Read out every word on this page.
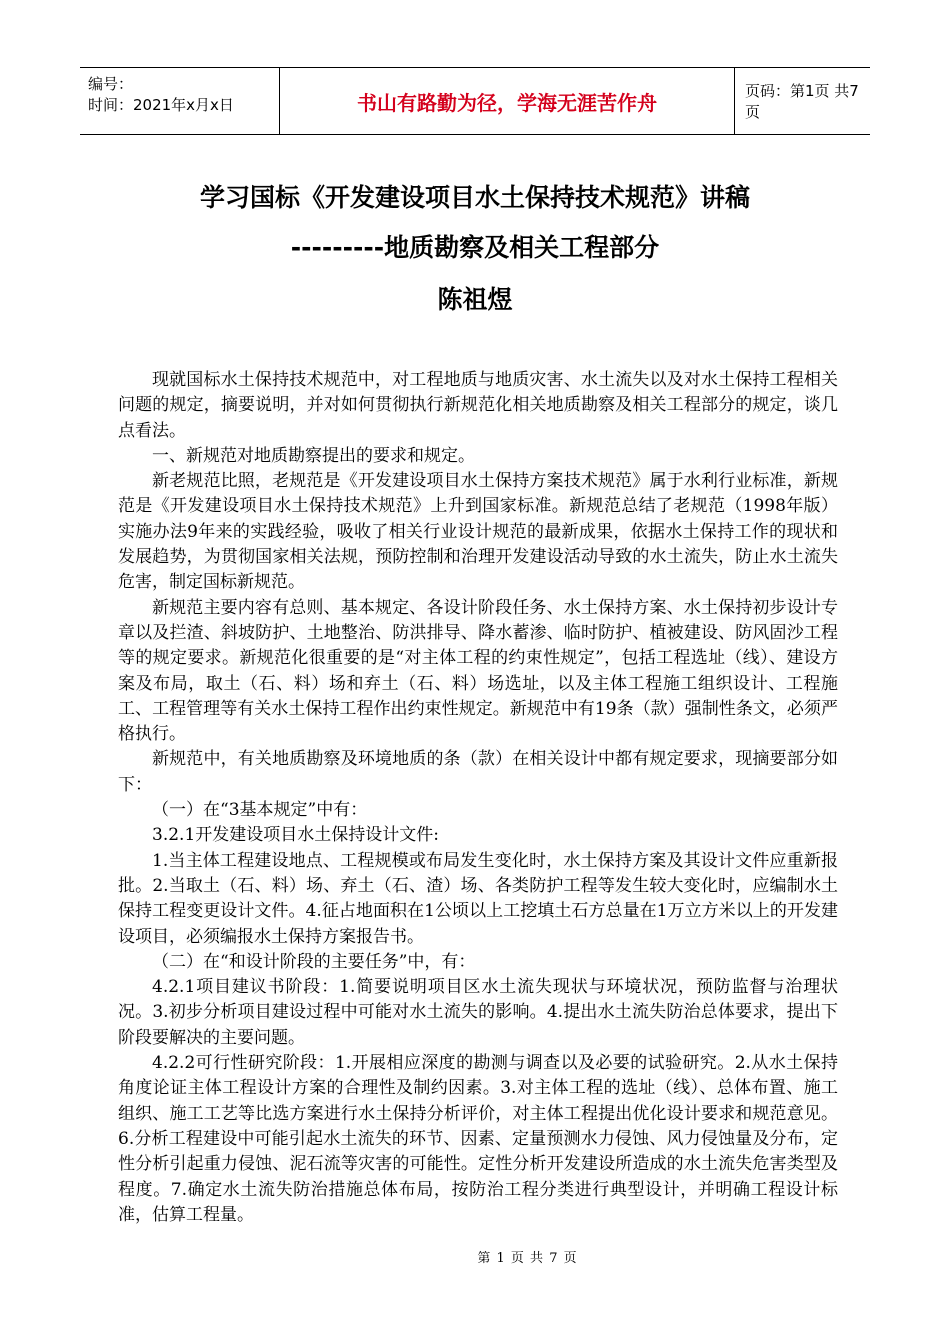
编号：
时间：2021年x月x日	书山有路勤为径，学海无涯苦作舟	页码：第1页 共7页
学习国标《开发建设项目水土保持技术规范》讲稿
---------地质勘察及相关工程部分
陈祖煜

现就国标水土保持技术规范中，对工程地质与地质灾害、水土流失以及对水土保持工程相关问题的规定，摘要说明，并对如何贯彻执行新规范化相关地质勘察及相关工程部分的规定，谈几点看法。

一、新规范对地质勘察提出的要求和规定。

新老规范比照，老规范是《开发建设项目水土保持方案技术规范》属于水利行业标准，新规范是《开发建设项目水土保持技术规范》上升到国家标准。新规范总结了老规范（1998年版）实施办法9年来的实践经验，吸收了相关行业设计规范的最新成果，依据水土保持工作的现状和发展趋势，为贯彻国家相关法规，预防控制和治理开发建设活动导致的水土流失，防止水土流失危害，制定国标新规范。

新规范主要内容有总则、基本规定、各设计阶段任务、水土保持方案、水土保持初步设计专章以及拦渣、斜坡防护、土地整治、防洪排导、降水蓄渗、临时防护、植被建设、防风固沙工程等的规定要求。新规范化很重要的是“对主体工程的约束性规定”，包括工程选址（线）、建设方案及布局，取土（石、料）场和弃土（石、料）场选址，以及主体工程施工组织设计、工程施工、工程管理等有关水土保持工程作出约束性规定。新规范中有19条（款）强制性条文，必须严格执行。

新规范中，有关地质勘察及环境地质的条（款）在相关设计中都有规定要求，现摘要部分如下：

（一）在“3基本规定”中有：

3.2.1开发建设项目水土保持设计文件:

1.当主体工程建设地点、工程规模或布局发生变化时，水土保持方案及其设计文件应重新报批。2.当取土（石、料）场、弃土（石、渣）场、各类防护工程等发生较大变化时，应编制水土保持工程变更设计文件。4.征占地面积在1公顷以上工挖填土石方总量在1万立方米以上的开发建设项目，必须编报水土保持方案报告书。

（二）在“和设计阶段的主要任务”中，有：

4.2.1项目建议书阶段：1.简要说明项目区水土流失现状与环境状况，预防监督与治理状况。3.初步分析项目建设过程中可能对水土流失的影响。4.提出水土流失防治总体要求，提出下阶段要解决的主要问题。

4.2.2可行性研究阶段：1.开展相应深度的勘测与调查以及必要的试验研究。2.从水土保持角度论证主体工程设计方案的合理性及制约因素。3.对主体工程的选址（线）、总体布置、施工组织、施工工艺等比选方案进行水土保持分析评价，对主体工程提出优化设计要求和规范意见。6.分析工程建设中可能引起水土流失的环节、因素、定量预测水力侵蚀、风力侵蚀量及分布，定性分析引起重力侵蚀、泥石流等灾害的可能性。定性分析开发建设所造成的水土流失危害类型及程度。7.确定水土流失防治措施总体布局，按防治工程分类进行典型设计，并明确工程设计标准，估算工程量。

第 1 页 共 7 页
